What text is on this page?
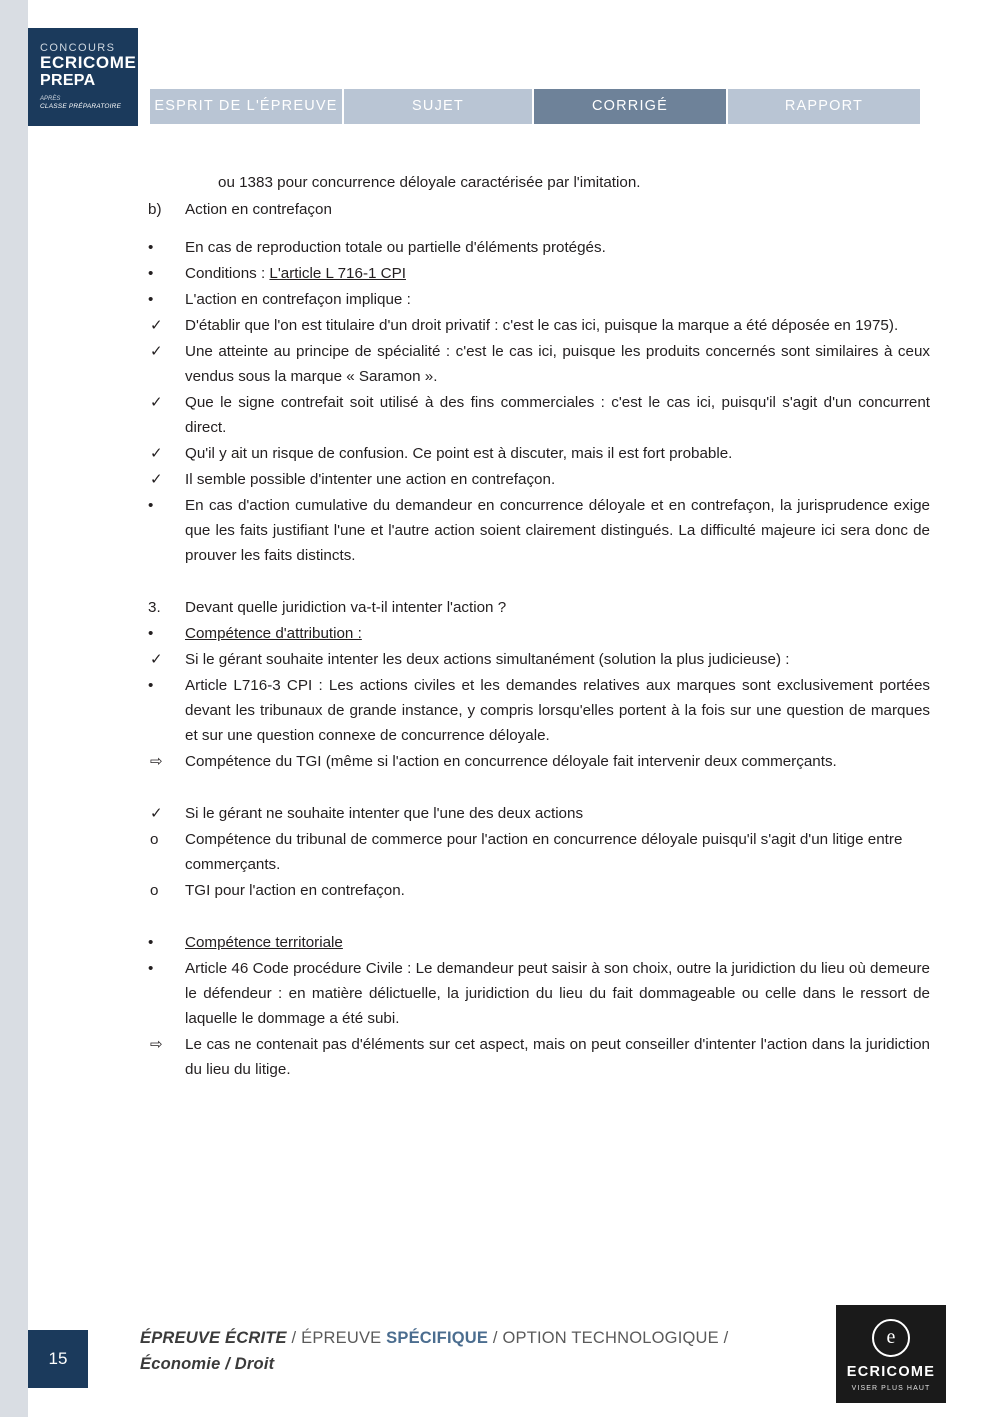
CONCOURS
ECRICOME
PREPA
APRÈS
CLASSE PRÉPARATOIRE	ESPRIT DE L'ÉPREUVE	SUJET	CORRIGÉ	RAPPORT
ou 1383 pour concurrence déloyale caractérisée par l'imitation.
b)	Action en contrefaçon
•	En cas de reproduction totale ou partielle d'éléments protégés.
•	Conditions : L'article L 716-1 CPI
•	L'action en contrefaçon implique :
✓	D'établir que l'on est titulaire d'un droit privatif : c'est le cas ici, puisque la marque a été déposée en 1975).
✓	Une atteinte au principe de spécialité : c'est le cas ici, puisque les produits concernés sont similaires à ceux vendus sous la marque « Saramon ».
✓	Que le signe contrefait soit utilisé à des fins commerciales : c'est le cas ici, puisqu'il s'agit d'un concurrent direct.
✓	Qu'il y ait un risque de confusion. Ce point est à discuter, mais il est fort probable.
✓	Il semble possible d'intenter une action en contrefaçon.
•	En cas d'action cumulative du demandeur en concurrence déloyale et en contrefaçon, la jurisprudence exige que les faits justifiant l'une et l'autre action soient clairement distingués. La difficulté majeure ici sera donc de prouver les faits distincts.
3.	Devant quelle juridiction va-t-il intenter l'action ?
•	Compétence d'attribution :
✓	Si le gérant souhaite intenter les deux actions simultanément (solution la plus judicieuse) :
•	Article L716-3 CPI : Les actions civiles et les demandes relatives aux marques sont exclusivement portées devant les tribunaux de grande instance, y compris lorsqu'elles portent à la fois sur une question de marques et sur une question connexe de concurrence déloyale.
⇨	Compétence du TGI (même si l'action en concurrence déloyale fait intervenir deux commerçants.
✓	Si le gérant ne souhaite intenter que l'une des deux actions
o	Compétence du tribunal de commerce pour l'action en concurrence déloyale puisqu'il s'agit d'un litige entre commerçants.
o	TGI pour l'action en contrefaçon.
•	Compétence territoriale
•	Article 46 Code procédure Civile : Le demandeur peut saisir à son choix, outre la juridiction du lieu où demeure le défendeur : en matière délictuelle, la juridiction du lieu du fait dommageable ou celle dans le ressort de laquelle le dommage a été subi.
⇨	Le cas ne contenait pas d'éléments sur cet aspect, mais on peut conseiller d'intenter l'action dans la juridiction du lieu du litige.
15
ÉPREUVE ÉCRITE / ÉPREUVE SPÉCIFIQUE / OPTION TECHNOLOGIQUE /
Économie / Droit
e
ECRICOME
VISER PLUS HAUT
